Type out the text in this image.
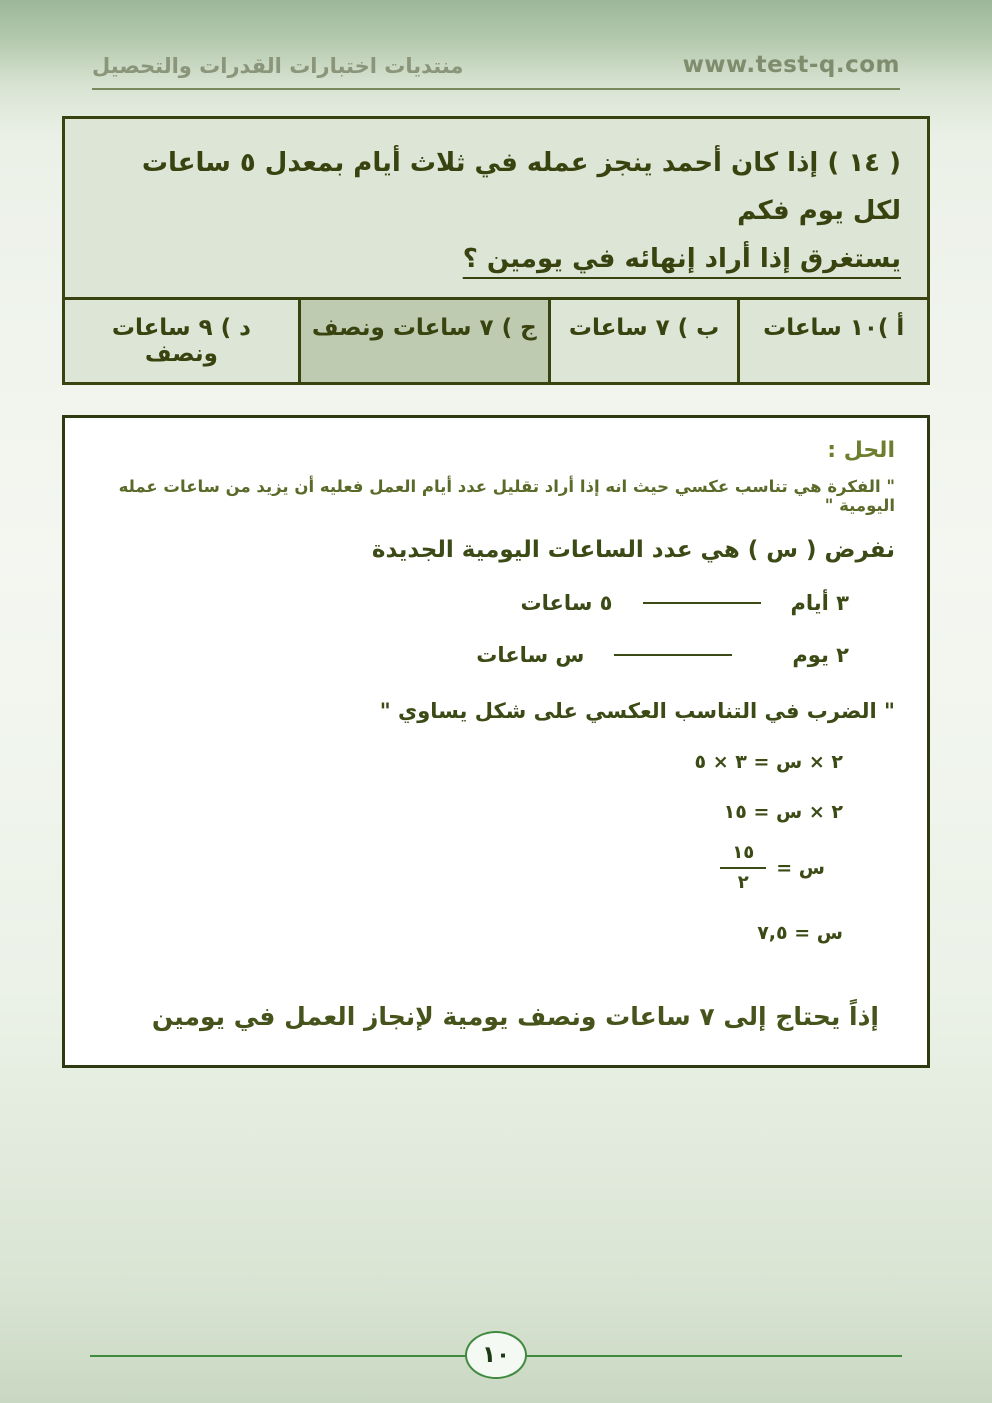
www.test-q.com
منتديات اختبارات القدرات والتحصيل
( ١٤ ) إذا كان أحمد ينجز عمله في ثلاث أيام بمعدل ٥ ساعات لكل يوم فكم
يستغرق إذا أراد إنهائه في يومين ؟
أ )١٠ ساعات
ب ) ٧ ساعات
ج ) ٧ ساعات ونصف
د ) ٩ ساعات ونصف
الحل :
" الفكرة هي تناسب عكسي حيث انه إذا أراد تقليل عدد أيام العمل فعليه أن يزيد من ساعات عمله اليومية "
نفرض ( س ) هي عدد الساعات اليومية الجديدة
٣ أيام
٥ ساعات
٢ يوم
س ساعات
" الضرب في التناسب العكسي على شكل يساوي "
٢ × س = ٣ × ٥
٢ × س = ١٥
س =
$\frac{١٥}{٢}$
س = ٧,٥
إذاً يحتاج إلى ٧ ساعات ونصف يومية لإنجاز العمل في يومين
١٠
